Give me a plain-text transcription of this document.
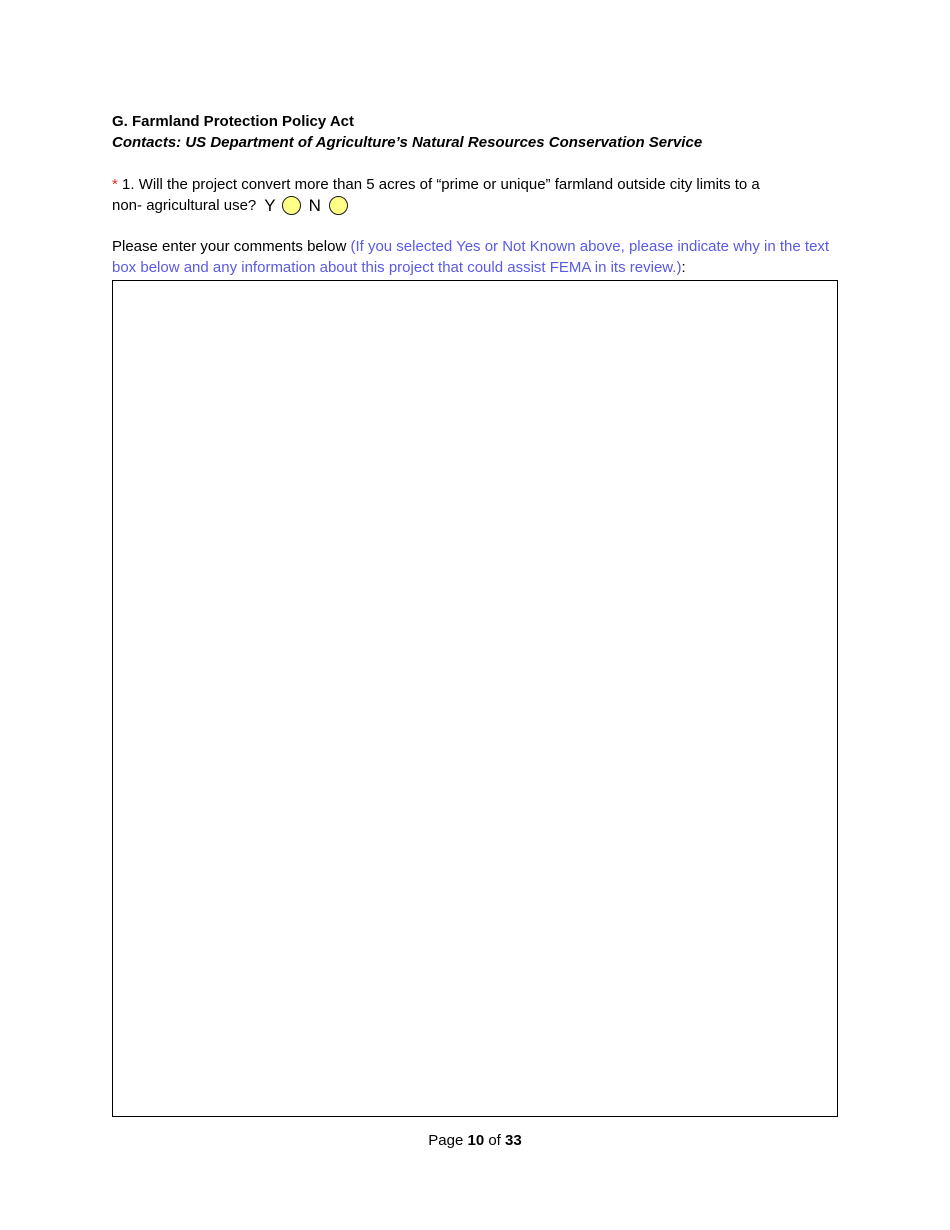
G. Farmland Protection Policy Act
Contacts: US Department of Agriculture’s Natural Resources Conservation Service
* 1. Will the project convert more than 5 acres of “prime or unique” farmland outside city limits to a
non- agricultural use? Y N
Please enter your comments below (If you selected Yes or Not Known above, please indicate why in the text box below and any information about this project that could assist FEMA in its review.):
Page 10 of 33
